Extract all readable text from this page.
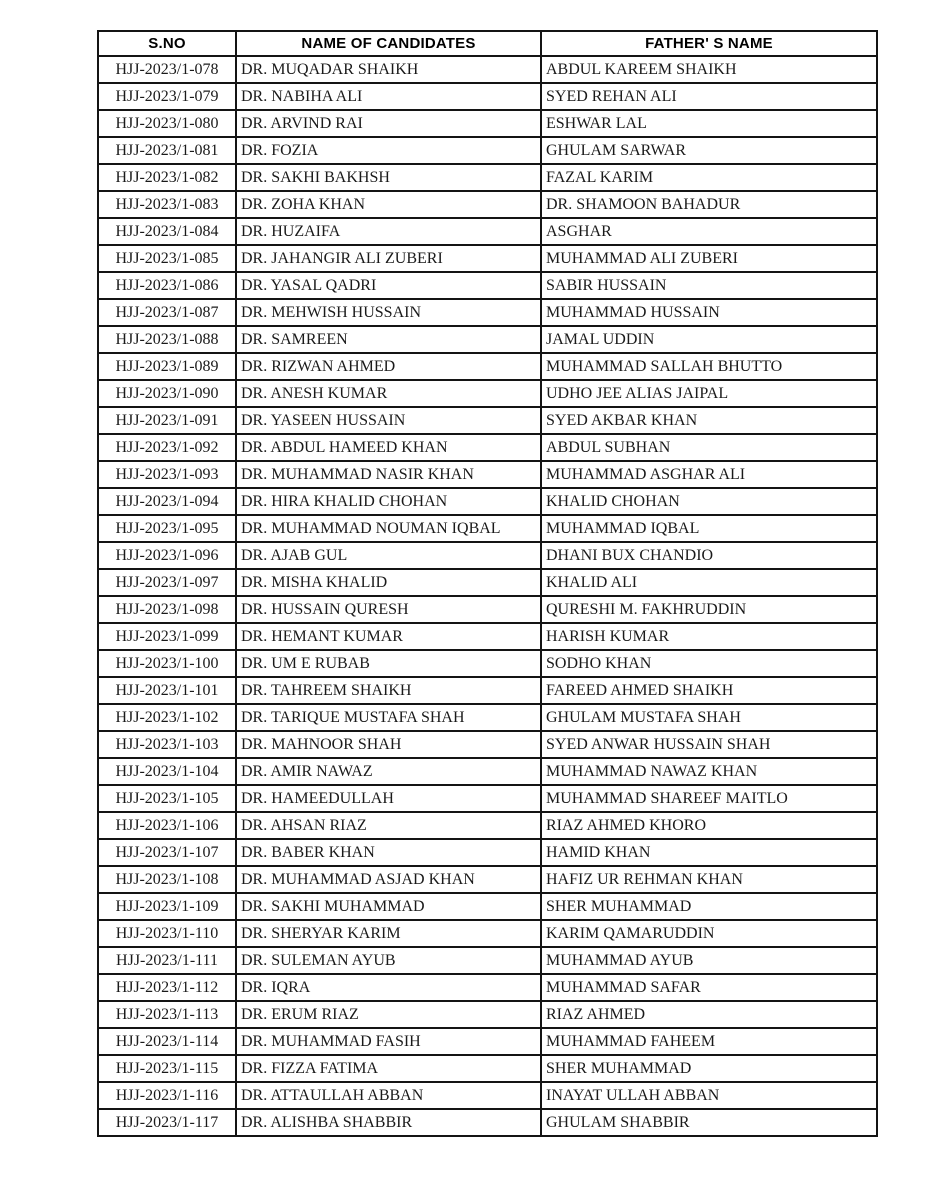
S.NO	NAME OF CANDIDATES	FATHER' S NAME
HJJ-2023/1-078	DR. MUQADAR SHAIKH	ABDUL KAREEM SHAIKH
HJJ-2023/1-079	DR. NABIHA ALI	SYED REHAN ALI
HJJ-2023/1-080	DR. ARVIND RAI	ESHWAR LAL
HJJ-2023/1-081	DR. FOZIA	GHULAM SARWAR
HJJ-2023/1-082	DR. SAKHI BAKHSH	FAZAL KARIM
HJJ-2023/1-083	DR. ZOHA KHAN	DR. SHAMOON BAHADUR
HJJ-2023/1-084	DR. HUZAIFA	ASGHAR
HJJ-2023/1-085	DR. JAHANGIR ALI ZUBERI	MUHAMMAD ALI ZUBERI
HJJ-2023/1-086	DR. YASAL QADRI	SABIR HUSSAIN
HJJ-2023/1-087	DR. MEHWISH HUSSAIN	MUHAMMAD HUSSAIN
HJJ-2023/1-088	DR. SAMREEN	JAMAL UDDIN
HJJ-2023/1-089	DR. RIZWAN AHMED	MUHAMMAD SALLAH BHUTTO
HJJ-2023/1-090	DR. ANESH KUMAR	UDHO JEE ALIAS JAIPAL
HJJ-2023/1-091	DR. YASEEN HUSSAIN	SYED AKBAR KHAN
HJJ-2023/1-092	DR. ABDUL HAMEED KHAN	ABDUL SUBHAN
HJJ-2023/1-093	DR. MUHAMMAD NASIR KHAN	MUHAMMAD ASGHAR ALI
HJJ-2023/1-094	DR. HIRA KHALID CHOHAN	KHALID CHOHAN
HJJ-2023/1-095	DR. MUHAMMAD NOUMAN IQBAL	MUHAMMAD IQBAL
HJJ-2023/1-096	DR. AJAB GUL	DHANI BUX CHANDIO
HJJ-2023/1-097	DR. MISHA KHALID	KHALID ALI
HJJ-2023/1-098	DR. HUSSAIN QURESH	QURESHI M. FAKHRUDDIN
HJJ-2023/1-099	DR. HEMANT KUMAR	HARISH KUMAR
HJJ-2023/1-100	DR. UM E RUBAB	SODHO KHAN
HJJ-2023/1-101	DR. TAHREEM SHAIKH	FAREED AHMED SHAIKH
HJJ-2023/1-102	DR. TARIQUE MUSTAFA SHAH	GHULAM MUSTAFA SHAH
HJJ-2023/1-103	DR. MAHNOOR SHAH	SYED ANWAR HUSSAIN SHAH
HJJ-2023/1-104	DR. AMIR NAWAZ	MUHAMMAD NAWAZ KHAN
HJJ-2023/1-105	DR. HAMEEDULLAH	MUHAMMAD SHAREEF MAITLO
HJJ-2023/1-106	DR. AHSAN RIAZ	RIAZ AHMED KHORO
HJJ-2023/1-107	DR. BABER KHAN	HAMID KHAN
HJJ-2023/1-108	DR. MUHAMMAD ASJAD KHAN	HAFIZ UR REHMAN KHAN
HJJ-2023/1-109	DR. SAKHI MUHAMMAD	SHER MUHAMMAD
HJJ-2023/1-110	DR. SHERYAR KARIM	KARIM QAMARUDDIN
HJJ-2023/1-111	DR. SULEMAN AYUB	MUHAMMAD AYUB
HJJ-2023/1-112	DR. IQRA	MUHAMMAD SAFAR
HJJ-2023/1-113	DR. ERUM RIAZ	RIAZ AHMED
HJJ-2023/1-114	DR. MUHAMMAD FASIH	MUHAMMAD FAHEEM
HJJ-2023/1-115	DR. FIZZA FATIMA	SHER MUHAMMAD
HJJ-2023/1-116	DR. ATTAULLAH ABBAN	INAYAT ULLAH ABBAN
HJJ-2023/1-117	DR. ALISHBA SHABBIR	GHULAM SHABBIR
